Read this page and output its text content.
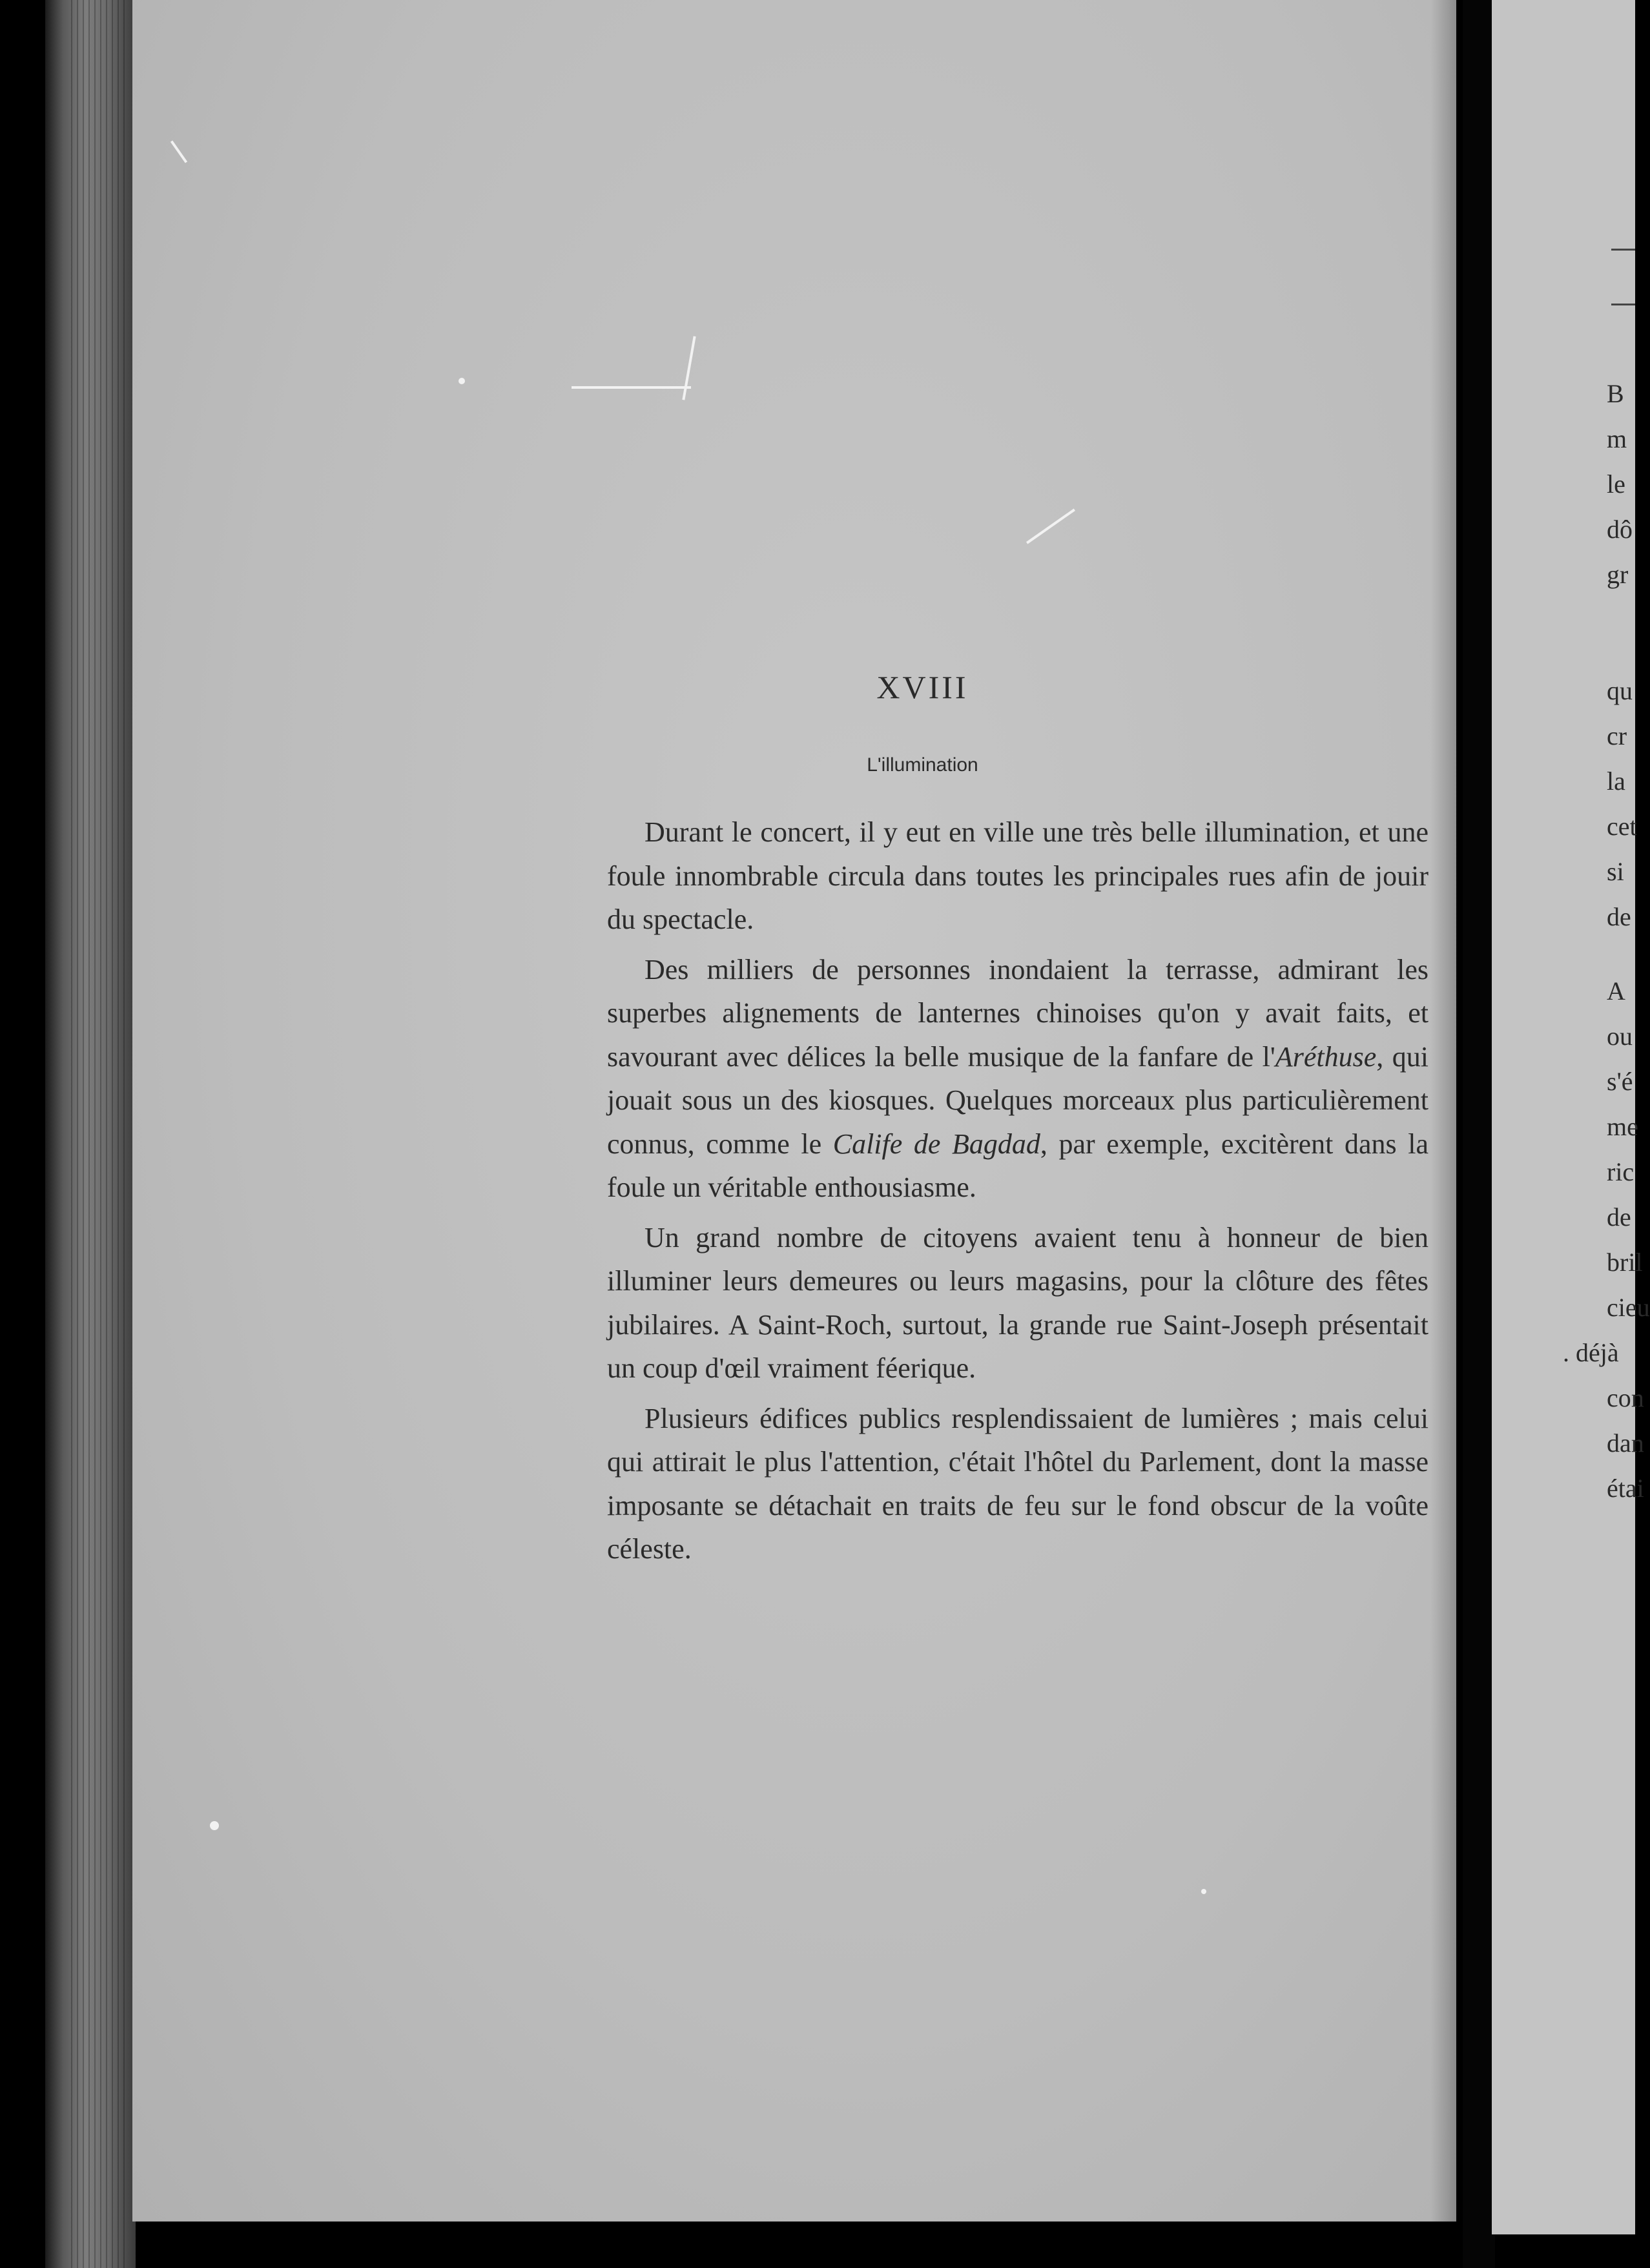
XVIII
L'illumination

Durant le concert, il y eut en ville une très belle illumination, et une foule innombrable circula dans toutes les principales rues afin de jouir du spectacle.

Des milliers de personnes inondaient la terrasse, admirant les superbes alignements de lanternes chinoises qu'on y avait faits, et savourant avec délices la belle musique de la fanfare de l'Aréthuse, qui jouait sous un des kiosques. Quelques morceaux plus particulièrement connus, comme le Calife de Bagdad, par exemple, excitèrent dans la foule un véritable enthousiasme.

Un grand nombre de citoyens avaient tenu à honneur de bien illuminer leurs demeures ou leurs magasins, pour la clôture des fêtes jubilaires. A Saint-Roch, surtout, la grande rue Saint-Joseph présentait un coup d'œil vraiment féerique.

Plusieurs édifices publics resplendissaient de lumières ; mais celui qui attirait le plus l'attention, c'était l'hôtel du Parlement, dont la masse imposante se détachait en traits de feu sur le fond obscur de la voûte céleste.

B
m
le
dô
gr
qu
cr
la
cet
si
de
A
ou
s'é
me
ric
de
bril
cieu
. déjà
con
dan
étai
